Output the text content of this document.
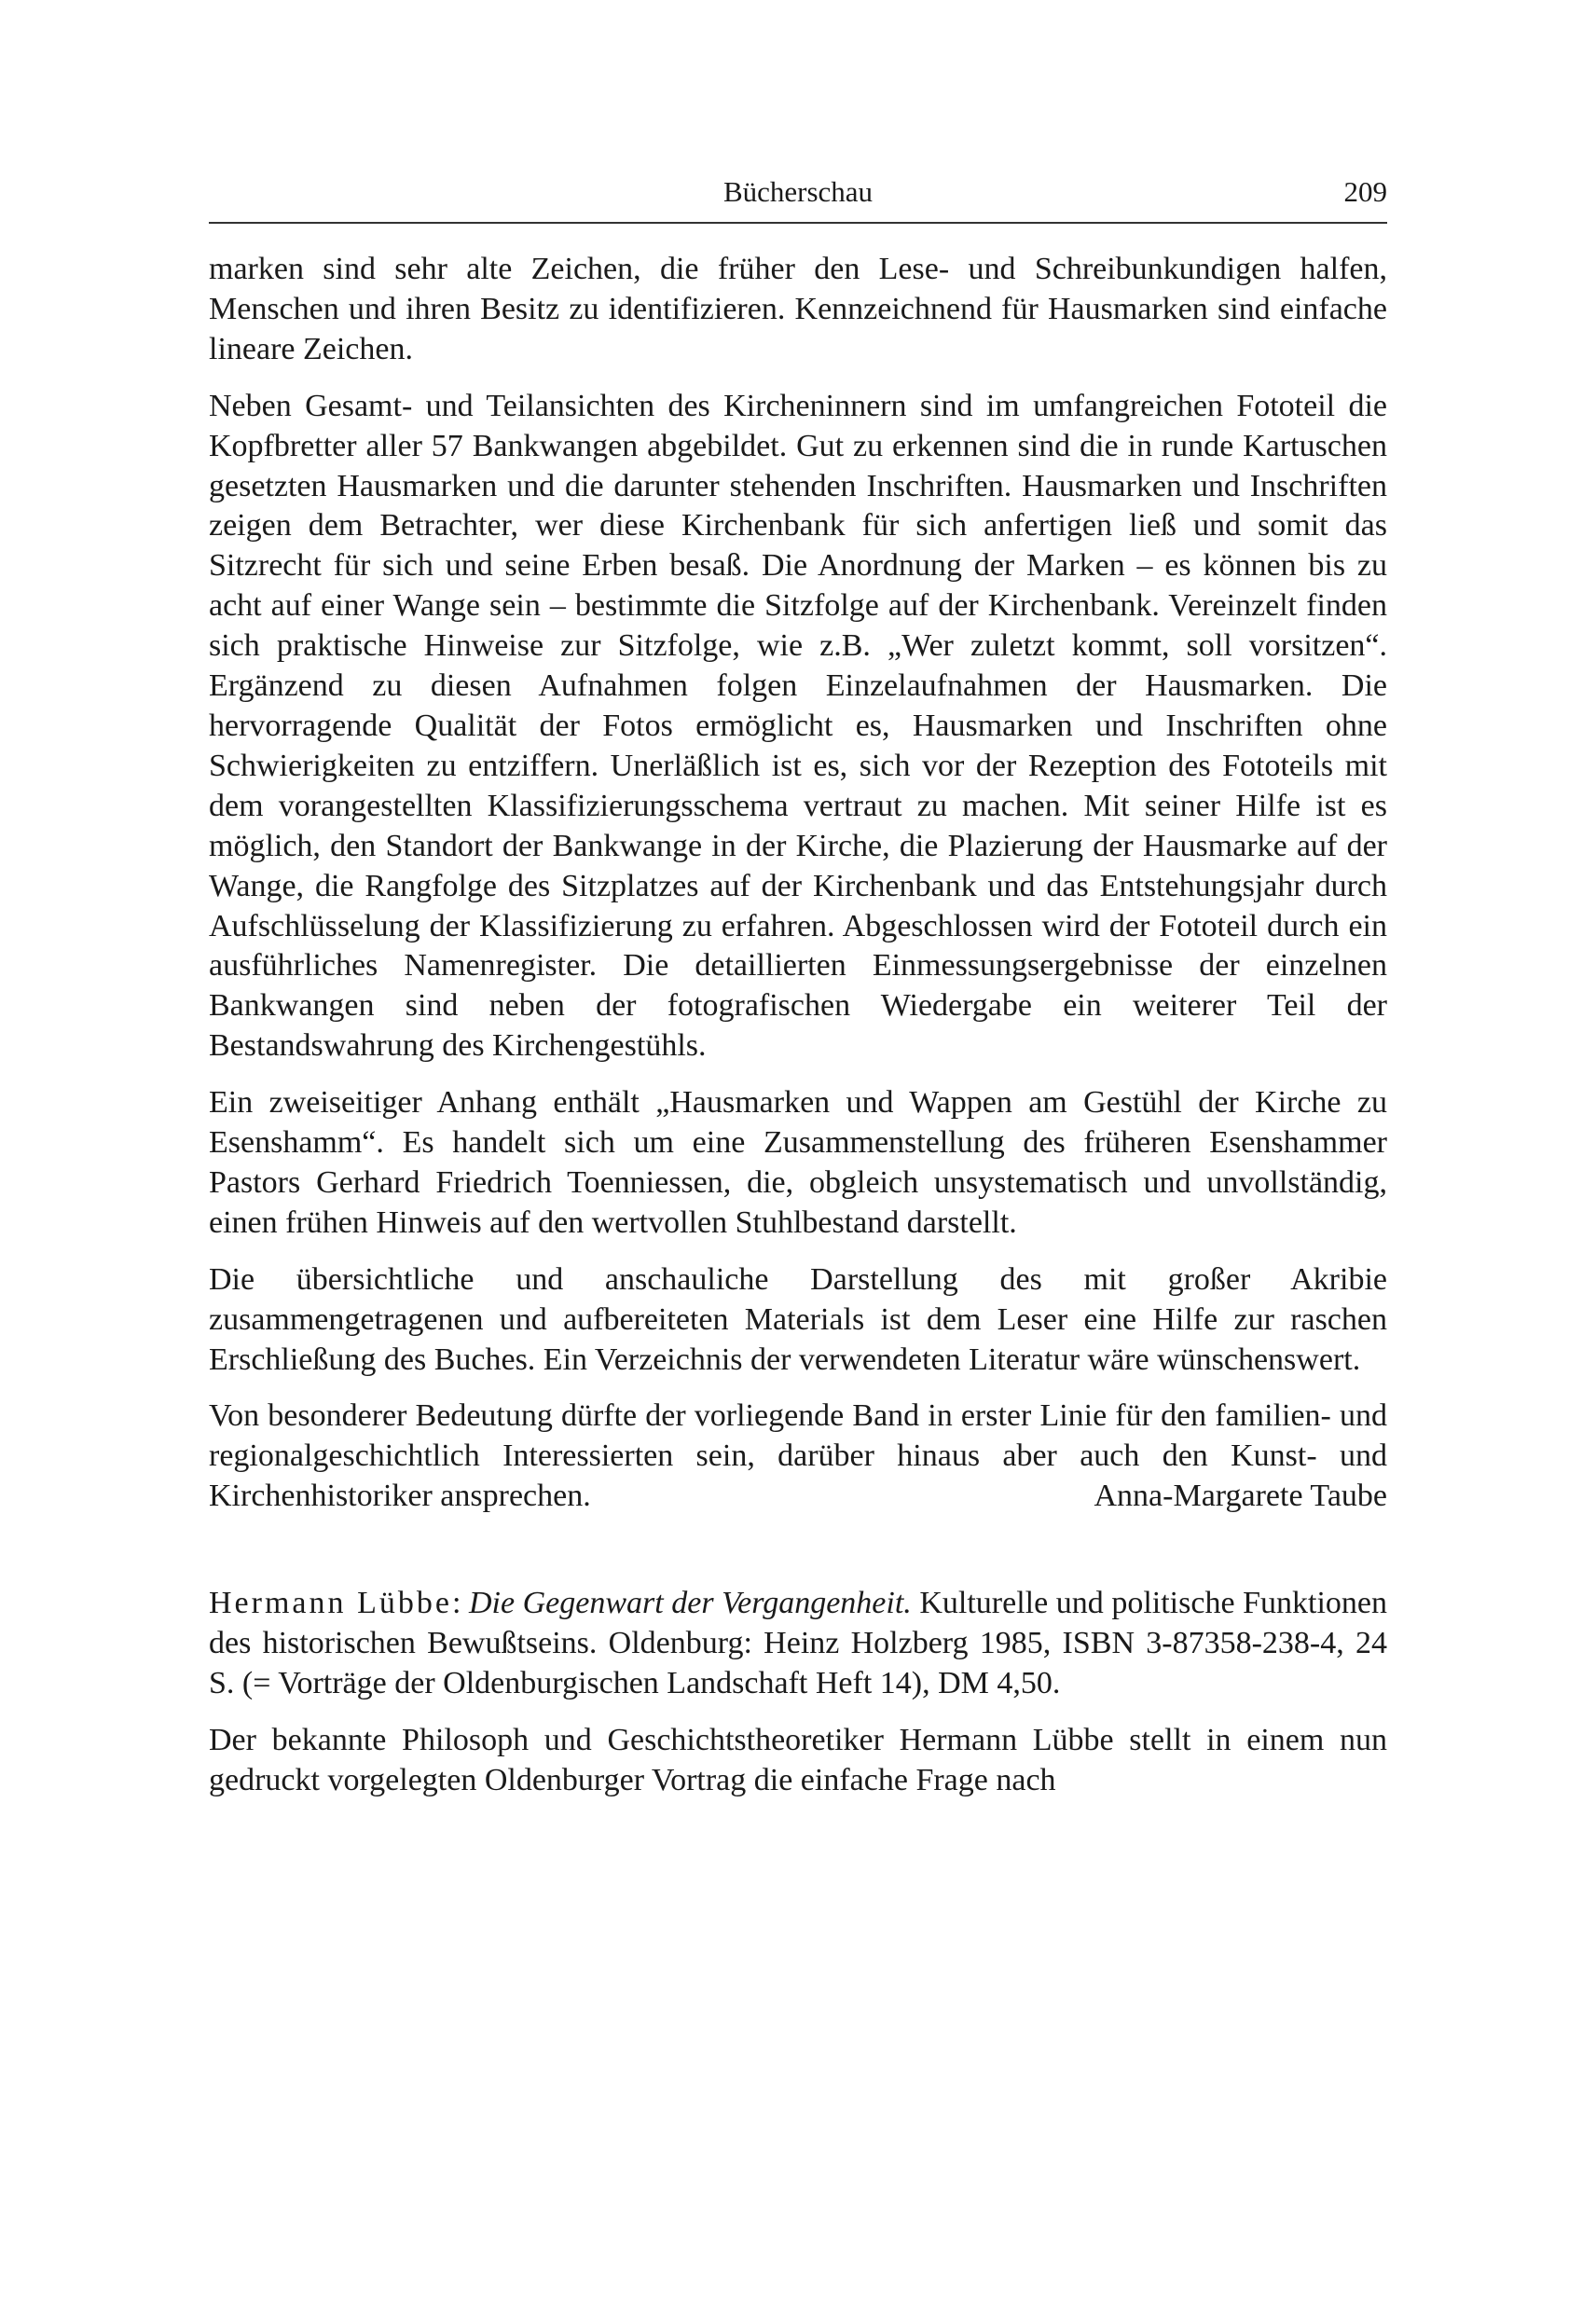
Bücherschau	209

marken sind sehr alte Zeichen, die früher den Lese- und Schreibunkundigen halfen, Menschen und ihren Besitz zu identifizieren. Kennzeichnend für Hausmarken sind einfache lineare Zeichen.

Neben Gesamt- und Teilansichten des Kircheninnern sind im umfangreichen Fototeil die Kopfbretter aller 57 Bankwangen abgebildet. Gut zu erkennen sind die in runde Kartuschen gesetzten Hausmarken und die darunter stehenden Inschriften. Hausmarken und Inschriften zeigen dem Betrachter, wer diese Kirchenbank für sich anfertigen ließ und somit das Sitzrecht für sich und seine Erben besaß. Die Anordnung der Marken – es können bis zu acht auf einer Wange sein – bestimmte die Sitzfolge auf der Kirchenbank. Vereinzelt finden sich praktische Hinweise zur Sitzfolge, wie z.B. „Wer zuletzt kommt, soll vorsitzen“. Ergänzend zu diesen Aufnahmen folgen Einzelaufnahmen der Hausmarken. Die hervorragende Qualität der Fotos ermöglicht es, Hausmarken und Inschriften ohne Schwierigkeiten zu entziffern. Unerläßlich ist es, sich vor der Rezeption des Fototeils mit dem vorangestellten Klassifizierungsschema vertraut zu machen. Mit seiner Hilfe ist es möglich, den Standort der Bankwange in der Kirche, die Plazierung der Hausmarke auf der Wange, die Rangfolge des Sitzplatzes auf der Kirchenbank und das Entstehungsjahr durch Aufschlüsselung der Klassifizierung zu erfahren. Abgeschlossen wird der Fototeil durch ein ausführliches Namenregister. Die detaillierten Einmessungsergebnisse der einzelnen Bankwangen sind neben der fotografischen Wiedergabe ein weiterer Teil der Bestandswahrung des Kirchengestühls.

Ein zweiseitiger Anhang enthält „Hausmarken und Wappen am Gestühl der Kirche zu Esenshamm“. Es handelt sich um eine Zusammenstellung des früheren Esenshammer Pastors Gerhard Friedrich Toenniessen, die, obgleich unsystematisch und unvollständig, einen frühen Hinweis auf den wertvollen Stuhlbestand darstellt.

Die übersichtliche und anschauliche Darstellung des mit großer Akribie zusammengetragenen und aufbereiteten Materials ist dem Leser eine Hilfe zur raschen Erschließung des Buches. Ein Verzeichnis der verwendeten Literatur wäre wünschenswert.

Von besonderer Bedeutung dürfte der vorliegende Band in erster Linie für den familien- und regionalgeschichtlich Interessierten sein, darüber hinaus aber auch den Kunst- und Kirchenhistoriker ansprechen.	Anna-Margarete Taube

Hermann Lübbe: Die Gegenwart der Vergangenheit. Kulturelle und politische Funktionen des historischen Bewußtseins. Oldenburg: Heinz Holzberg 1985, ISBN 3-87358-238-4, 24 S. (= Vorträge der Oldenburgischen Landschaft Heft 14), DM 4,50.

Der bekannte Philosoph und Geschichtstheoretiker Hermann Lübbe stellt in einem nun gedruckt vorgelegten Oldenburger Vortrag die einfache Frage nach
